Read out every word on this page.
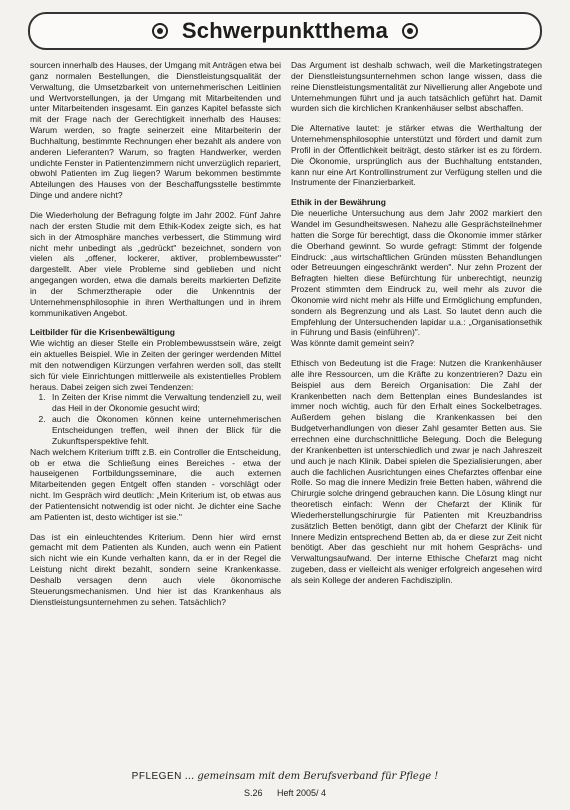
Schwerpunktthema

sourcen innerhalb des Hauses, der Umgang mit Anträgen etwa bei ganz normalen Bestellungen, die Dienstleistungsqualität der Verwaltung, die Umsetzbarkeit von unternehmerischen Leitlinien und Wertvorstellungen, ja der Umgang mit Mitarbeitenden und unter Mitarbeitenden insgesamt. Ein ganzes Kapitel befasste sich mit der Frage nach der Gerechtigkeit innerhalb des Hauses: Warum werden, so fragte seinerzeit eine Mitarbeiterin der Buchhaltung, bestimmte Rechnungen eher bezahlt als andere von anderen Lieferanten? Warum, so fragten Handwerker, werden undichte Fenster in Patientenzimmern nicht unverzüglich repariert, obwohl Patienten im Zug liegen? Warum bekommen bestimmte Abteilungen des Hauses von der Beschaffungsstelle bestimmte Dinge und andere nicht?

Die Wiederholung der Befragung folgte im Jahr 2002. Fünf Jahre nach der ersten Studie mit dem Ethik-Kodex zeigte sich, es hat sich in der Atmosphäre manches verbessert, die Stimmung wird nicht mehr unbedingt als „gedrückt" bezeichnet, sondern von vielen als „offener, lockerer, aktiver, problembewusster" dargestellt. Aber viele Probleme sind geblieben und nicht angegangen worden, etwa die damals bereits markierten Defizite in der Schmerztherapie oder die Unkenntnis der Unternehmensphilosophie in ihren Werthaltungen und in ihrem kommunikativen Angebot.

Leitbilder für die Krisenbewältigung

Wie wichtig an dieser Stelle ein Problembewusstsein wäre, zeigt ein aktuelles Beispiel. Wie in Zeiten der geringer werdenden Mittel mit den notwendigen Kürzungen verfahren werden soll, das stellt sich für viele Einrichtungen mittlerweile als existentielles Problem heraus. Dabei zeigen sich zwei Tendenzen:

1. In Zeiten der Krise nimmt die Verwaltung tendenziell zu, weil das Heil in der Ökonomie gesucht wird;
2. auch die Ökonomen können keine unternehmerischen Entscheidungen treffen, weil ihnen der Blick für die Zukunftsperspektive fehlt.

Nach welchem Kriterium trifft z.B. ein Controller die Entscheidung, ob er etwa die Schließung eines Bereiches - etwa der hauseigenen Fortbildungsseminare, die auch externen Mitarbeitenden gegen Entgelt offen standen - vorschlägt oder nicht. Im Gespräch wird deutlich: „Mein Kriterium ist, ob etwas aus der Patientensicht notwendig ist oder nicht. Je dichter eine Sache am Patienten ist, desto wichtiger ist sie."

Das ist ein einleuchtendes Kriterium. Denn hier wird ernst gemacht mit dem Patienten als Kunden, auch wenn ein Patient sich nicht wie ein Kunde verhalten kann, da er in der Regel die Leistung nicht direkt bezahlt, sondern seine Krankenkasse. Deshalb versagen denn auch viele ökonomische Steuerungsmechanismen. Und hier ist das Krankenhaus als Dienstleistungsunternehmen zu sehen. Tatsächlich?

Das Argument ist deshalb schwach, weil die Marketingstrategen der Dienstleistungsunternehmen schon lange wissen, dass die reine Dienstleistungsmentalität zur Nivellierung aller Angebote und Unternehmungen führt und ja auch tatsächlich geführt hat. Damit wurden sich die kirchlichen Krankenhäuser selbst abschaffen.

Die Alternative lautet: je stärker etwas die Werthaltung der Unternehmensphilosophie unterstützt und fördert und damit zum Profil in der Öffentlichkeit beiträgt, desto stärker ist es zu fördern. Die Ökonomie, ursprünglich aus der Buchhaltung entstanden, kann nur eine Art Kontrollinstrument zur Verfügung stellen und die Instrumente der Finanzierbarkeit.

Ethik in der Bewährung

Die neuerliche Untersuchung aus dem Jahr 2002 markiert den Wandel im Gesundheitswesen. Nahezu alle Gesprächsteilnehmer hatten die Sorge für berechtigt, dass die Ökonomie immer stärker die Oberhand gewinnt. So wurde gefragt: Stimmt der folgende Eindruck: „aus wirtschaftlichen Gründen müssten Behandlungen oder Betreuungen eingeschränkt werden". Nur zehn Prozent der Befragten hielten diese Befürchtung für unberechtigt, neunzig Prozent stimmten dem Eindruck zu, weil mehr als zuvor die Ökonomie wird nicht mehr als Hilfe und Ermöglichung empfunden, sondern als Begrenzung und als Last. So lautet denn auch die Empfehlung der Untersuchenden lapidar u.a.: „Organisationsethik in Führung und Basis (einführen)".

Was könnte damit gemeint sein?

Ethisch von Bedeutung ist die Frage: Nutzen die Krankenhäuser alle ihre Ressourcen, um die Kräfte zu konzentrieren? Dazu ein Beispiel aus dem Bereich Organisation: Die Zahl der Krankenbetten nach dem Bettenplan eines Bundeslandes ist immer noch wichtig, auch für den Erhalt eines Sockelbetrages. Außerdem gehen bislang die Krankenkassen bei den Budgetverhandlungen von dieser Zahl gesamter Betten aus. Sie errechnen eine durchschnittliche Belegung. Doch die Belegung der Krankenbetten ist unterschiedlich und zwar je nach Jahreszeit und auch je nach Klinik. Dabei spielen die Spezialisierungen, aber auch die fachlichen Ausrichtungen eines Chefarztes offenbar eine Rolle. So mag die innere Medizin freie Betten haben, während die Chirurgie solche dringend gebrauchen kann. Die Lösung klingt nur theoretisch einfach: Wenn der Chefarzt der Klinik für Wiederherstellungschirurgie für Patienten mit Kreuzbandriss zusätzlich Betten benötigt, dann gibt der Chefarzt der Klinik für Innere Medizin entsprechend Betten ab, da er diese zur Zeit nicht benötigt. Aber das geschieht nur mit hohem Gesprächs- und Verwaltungsaufwand. Der interne Ethische Chefarzt mag nicht zugeben, dass er vielleicht als weniger erfolgreich angesehen wird als sein Kollege der anderen Fachdisziplin.

PFLEGEN ... gemeinsam mit dem Berufsverband für Pflege !
S.26 Heft 2005/ 4
